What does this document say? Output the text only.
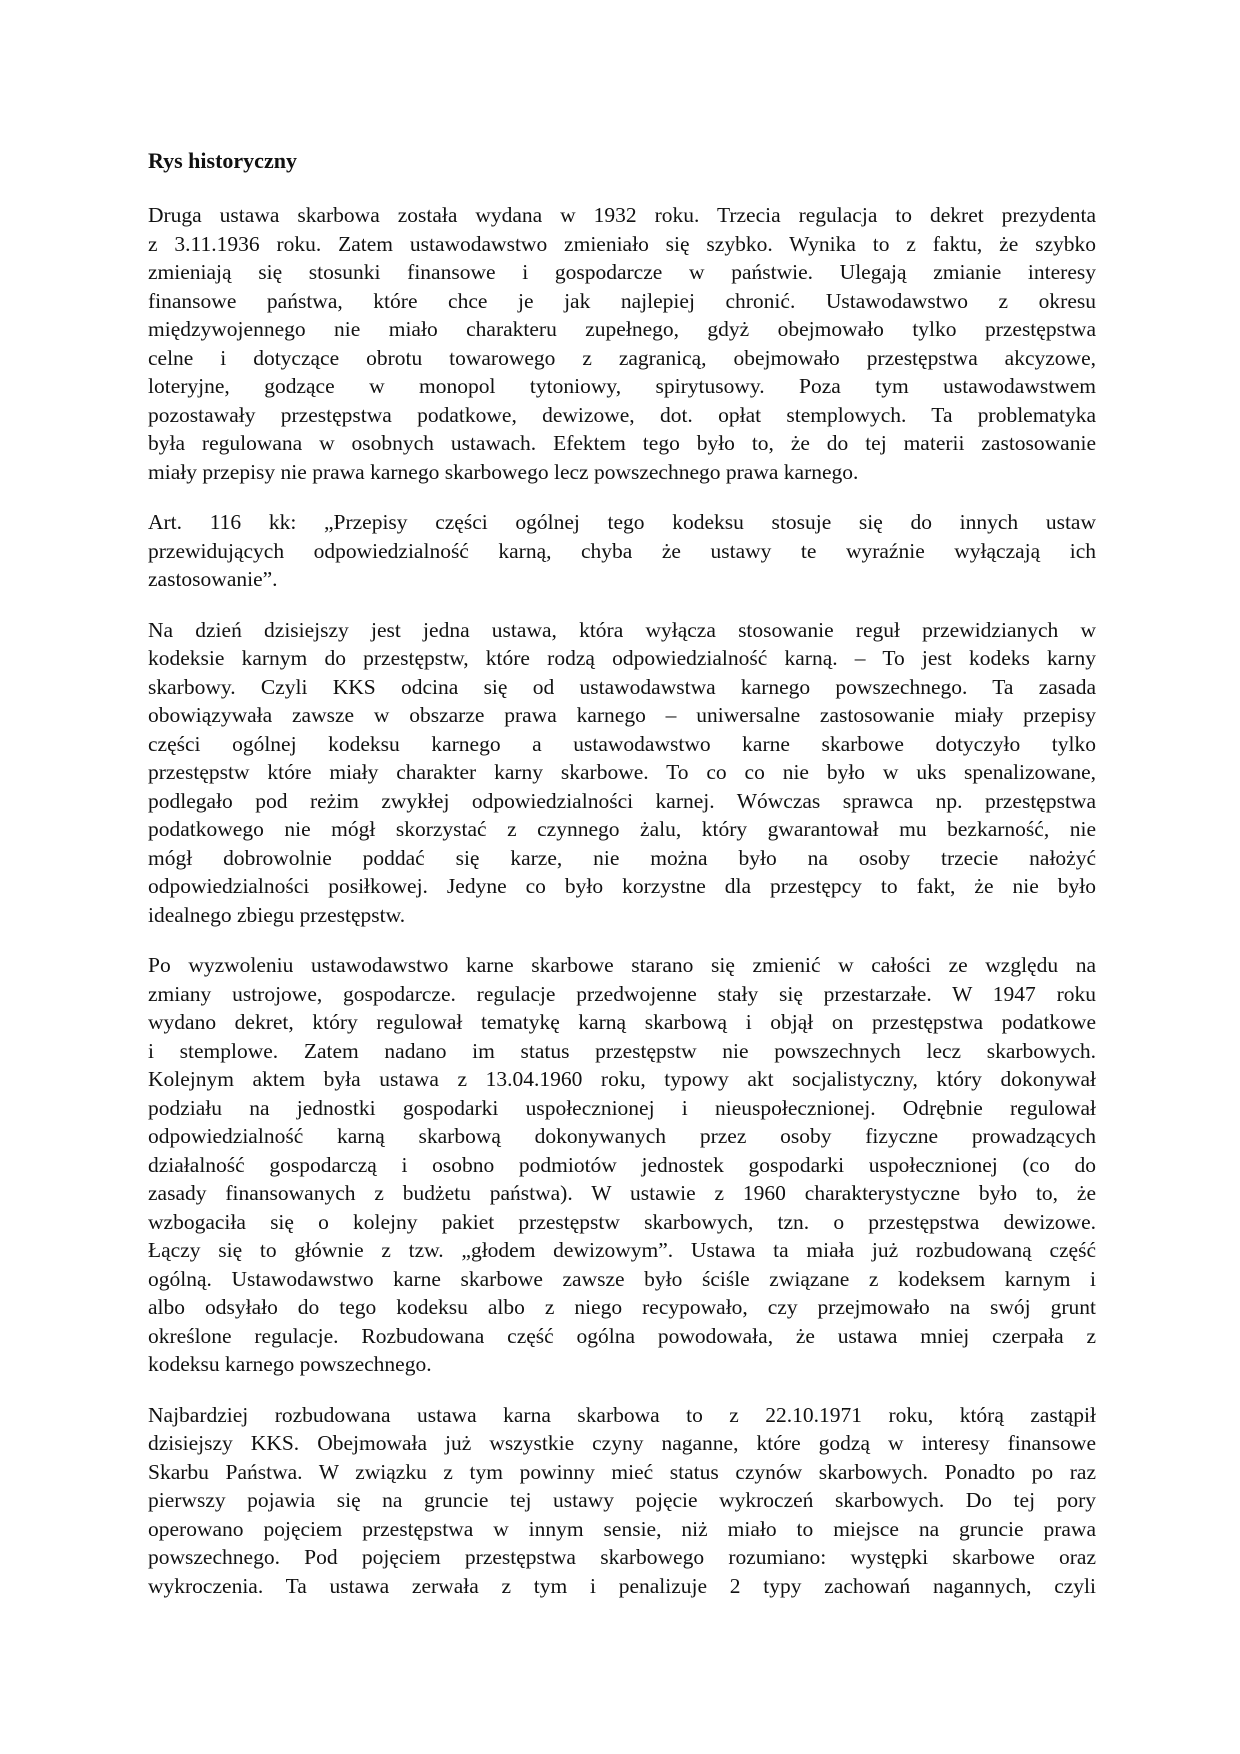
Rys historyczny
Druga ustawa skarbowa została wydana w 1932 roku. Trzecia regulacja to dekret prezydenta
z 3.11.1936 roku. Zatem ustawodawstwo zmieniało się szybko. Wynika to z faktu, że szybko
zmieniają się stosunki finansowe i gospodarcze w państwie. Ulegają zmianie interesy
finansowe państwa, które chce je jak najlepiej chronić. Ustawodawstwo z okresu
międzywojennego nie miało charakteru zupełnego, gdyż obejmowało tylko przestępstwa
celne i dotyczące obrotu towarowego z zagranicą, obejmowało przestępstwa akcyzowe,
loteryjne, godzące w monopol tytoniowy, spirytusowy. Poza tym ustawodawstwem
pozostawały przestępstwa podatkowe, dewizowe, dot. opłat stemplowych. Ta problematyka
była regulowana w osobnych ustawach. Efektem tego było to, że do tej materii zastosowanie
miały przepisy nie prawa karnego skarbowego lecz powszechnego prawa karnego.
Art. 116 kk: „Przepisy części ogólnej tego kodeksu stosuje się do innych ustaw
przewidujących odpowiedzialność karną, chyba że ustawy te wyraźnie wyłączają ich
zastosowanie”.
Na dzień dzisiejszy jest jedna ustawa, która wyłącza stosowanie reguł przewidzianych w
kodeksie karnym do przestępstw, które rodzą odpowiedzialność karną. – To jest kodeks karny
skarbowy. Czyli KKS odcina się od ustawodawstwa karnego powszechnego. Ta zasada
obowiązywała zawsze w obszarze prawa karnego – uniwersalne zastosowanie miały przepisy
części ogólnej kodeksu karnego a ustawodawstwo karne skarbowe dotyczyło tylko
przestępstw które miały charakter karny skarbowe. To co co nie było w uks spenalizowane,
podlegało pod reżim zwykłej odpowiedzialności karnej. Wówczas sprawca np. przestępstwa
podatkowego nie mógł skorzystać z czynnego żalu, który gwarantował mu bezkarność, nie
mógł dobrowolnie poddać się karze, nie można było na osoby trzecie nałożyć
odpowiedzialności posiłkowej. Jedyne co było korzystne dla przestępcy to fakt, że nie było
idealnego zbiegu przestępstw.
Po wyzwoleniu ustawodawstwo karne skarbowe starano się zmienić w całości ze względu na
zmiany ustrojowe, gospodarcze. regulacje przedwojenne stały się przestarzałe. W 1947 roku
wydano dekret, który regulował tematykę karną skarbową i objął on przestępstwa podatkowe
i stemplowe. Zatem nadano im status przestępstw nie powszechnych lecz skarbowych.
Kolejnym aktem była ustawa z 13.04.1960 roku, typowy akt socjalistyczny, który dokonywał
podziału na jednostki gospodarki uspołecznionej i nieuspołecznionej. Odrębnie regulował
odpowiedzialność karną skarbową dokonywanych przez osoby fizyczne prowadzących
działalność gospodarczą i osobno podmiotów jednostek gospodarki uspołecznionej (co do
zasady finansowanych z budżetu państwa). W ustawie z 1960 charakterystyczne było to, że
wzbogaciła się o kolejny pakiet przestępstw skarbowych, tzn. o przestępstwa dewizowe.
Łączy się to głównie z tzw. „głodem dewizowym”. Ustawa ta miała już rozbudowaną część
ogólną. Ustawodawstwo karne skarbowe zawsze było ściśle związane z kodeksem karnym i
albo odsyłało do tego kodeksu albo z niego recypowało, czy przejmowało na swój grunt
określone regulacje. Rozbudowana część ogólna powodowała, że ustawa mniej czerpała z
kodeksu karnego powszechnego.
Najbardziej rozbudowana ustawa karna skarbowa to z 22.10.1971 roku, którą zastąpił
dzisiejszy KKS. Obejmowała już wszystkie czyny naganne, które godzą w interesy finansowe
Skarbu Państwa. W związku z tym powinny mieć status czynów skarbowych. Ponadto po raz
pierwszy pojawia się na gruncie tej ustawy pojęcie wykroczeń skarbowych. Do tej pory
operowano pojęciem przestępstwa w innym sensie, niż miało to miejsce na gruncie prawa
powszechnego. Pod pojęciem przestępstwa skarbowego rozumiano: występki skarbowe oraz
wykroczenia. Ta ustawa zerwała z tym i penalizuje 2 typy zachowań nagannych, czyli
